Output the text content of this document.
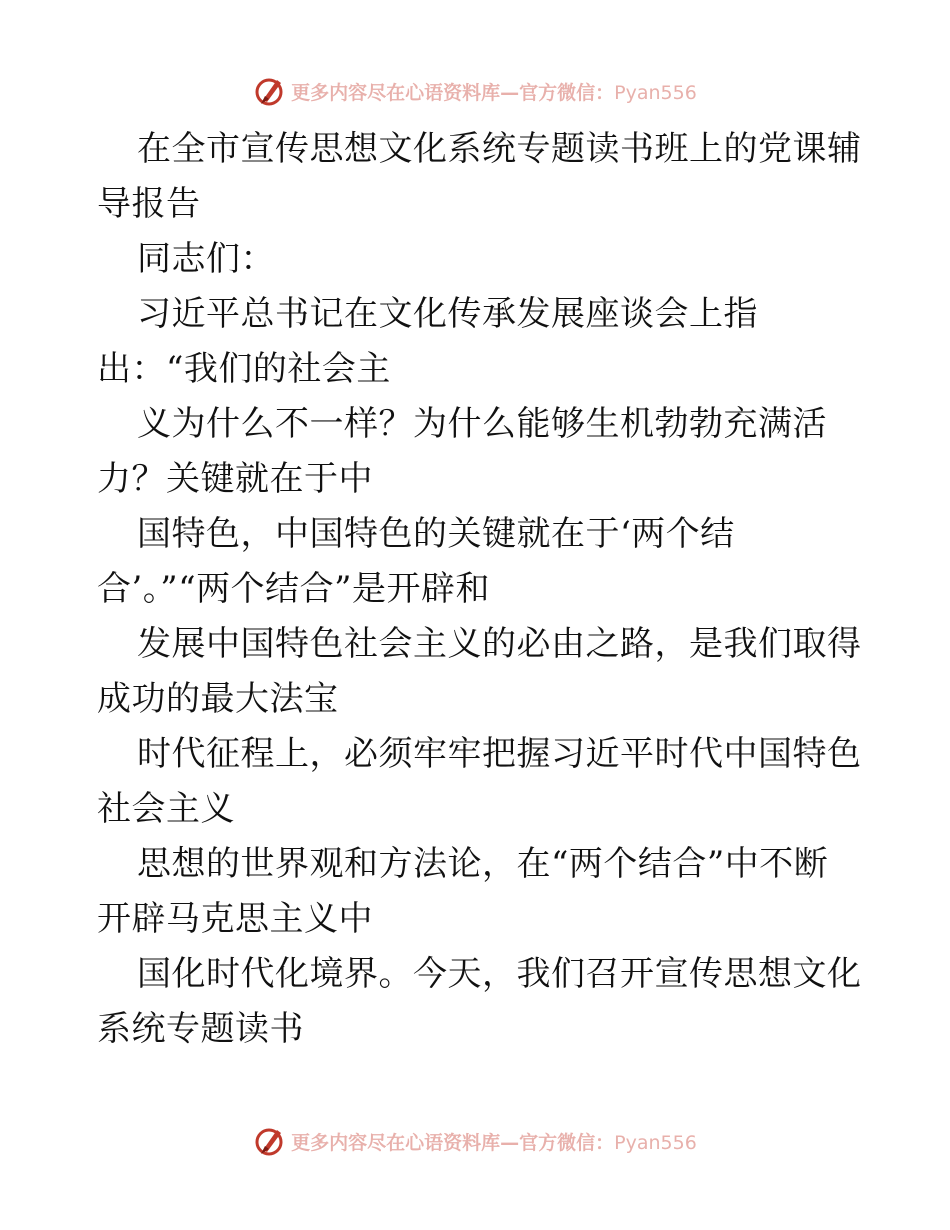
更多内容尽在心语资料库—官方微信：Pyan556
在全市宣传思想文化系统专题读书班上的党课辅
导报告
同志们：
习近平总书记在文化传承发展座谈会上指
出：“我们的社会主
义为什么不一样？为什么能够生机勃勃充满活
力？关键就在于中
国特色，中国特色的关键就在于‘两个结
合’。”“两个结合”是开辟和
发展中国特色社会主义的必由之路，是我们取得
成功的最大法宝
时代征程上，必须牢牢把握习近平时代中国特色
社会主义
思想的世界观和方法论，在“两个结合”中不断
开辟马克思主义中
国化时代化境界。今天，我们召开宣传思想文化
系统专题读书
更多内容尽在心语资料库—官方微信：Pyan556
